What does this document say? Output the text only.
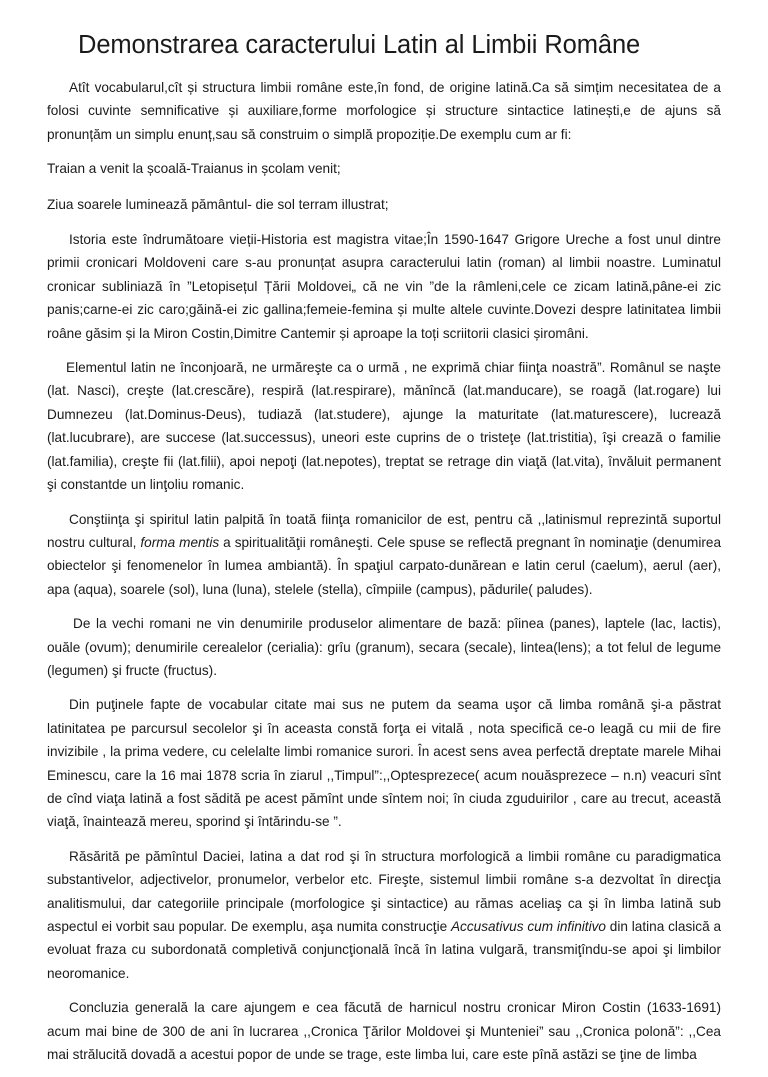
Demonstrarea caracterului Latin al Limbii Române

Atît vocabularul,cît și structura limbii române este,în fond, de origine latină.Ca să simțim necesitatea de a folosi cuvinte semnificative și auxiliare,forme morfologice și structure sintactice latinești,e de ajuns să pronunțăm un simplu enunț,sau să construim o simplă propoziție.De exemplu cum ar fi:

Traian a venit la școală-Traianus in școlam venit;

Ziua soarele luminează pământul- die sol terram illustrat;

Istoria este îndrumătoare vieții-Historia est magistra vitae;În 1590-1647 Grigore Ureche a fost unul dintre primii cronicari Moldoveni care s-au pronunțat asupra caracterului latin (roman) al limbii noastre. Luminatul cronicar subliniază în ”Letopisețul Țării Moldovei„ că ne vin ”de la râmleni,cele ce zicam latină,pâne-ei zic panis;carne-ei zic caro;găină-ei zic gallina;femeie-femina și multe altele cuvinte.Dovezi despre latinitatea limbii roâne găsim și la Miron Costin,Dimitre Cantemir și aproape la toți scriitorii clasici șiromâni.

Elementul latin ne înconjoară, ne urmăreşte ca o urmă , ne exprimă chiar fiinţa noastră”. Românul se naşte (lat. Nasci), creşte (lat.crescăre), respiră (lat.respirare), mănîncă (lat.manducare), se roagă (lat.rogare) lui Dumnezeu (lat.Dominus-Deus), tudiază (lat.studere), ajunge la maturitate (lat.maturescere), lucrează (lat.lucubrare), are succese (lat.successus), uneori este cuprins de o tristeţe (lat.tristitia), îşi crează o familie (lat.familia), creşte fii (lat.filii), apoi nepoţi (lat.nepotes), treptat se retrage din viaţă (lat.vita), învăluit permanent şi constantde un linţoliu romanic.

Conştiinţa şi spiritul latin palpită în toată fiinţa romanicilor de est, pentru că ,,latinismul reprezintă suportul nostru cultural, forma mentis a spiritualităţii româneşti. Cele spuse se reflectă pregnant în nominaţie (denumirea obiectelor şi fenomenelor în lumea ambiantă). În spaţiul carpato-dunărean e latin cerul (caelum), aerul (aer), apa (aqua), soarele (sol), luna (luna), stelele (stella), cîmpiile (campus), pădurile( paludes).

De la vechi romani ne vin denumirile produselor alimentare de bază: pîinea (panes), laptele (lac, lactis), ouăle (ovum); denumirile cerealelor (cerialia): grîu (granum), secara (secale), lintea(lens); a tot felul de legume (legumen) şi fructe (fructus).

Din puţinele fapte de vocabular citate mai sus ne putem da seama uşor că limba română şi-a păstrat latinitatea pe parcursul secolelor şi în aceasta constă forţa ei vitală , nota specifică ce-o leagă cu mii de fire invizibile , la prima vedere, cu celelalte limbi romanice surori. În acest sens avea perfectă dreptate marele Mihai Eminescu, care la 16 mai 1878 scria în ziarul ,,Timpul”:,,Optesprezece( acum nouăsprezece – n.n) veacuri sînt de cînd viaţa latină a fost sădită pe acest pămînt unde sîntem noi; în ciuda zguduirilor , care au trecut, această viaţă, înaintează mereu, sporind şi întărindu-se ”.

Răsărită pe pămîntul Daciei, latina a dat rod şi în structura morfologică a limbii române cu paradigmatica substantivelor, adjectivelor, pronumelor, verbelor etc. Fireşte, sistemul limbii române s-a dezvoltat în direcţia analitismului, dar categoriile principale (morfologice şi sintactice) au rămas aceliaş ca şi în limba latină sub aspectul ei vorbit sau popular. De exemplu, aşa numita construcţie Accusativus cum infinitivo din latina clasică a evoluat fraza cu subordonată completivă conjuncţională încă în latina vulgară, transmiţîndu-se apoi şi limbilor neoromanice.

Concluzia generală la care ajungem e cea făcută de harnicul nostru cronicar Miron Costin (1633-1691) acum mai bine de 300 de ani în lucrarea ,,Cronica Ţărilor Moldovei şi Munteniei” sau ,,Cronica polonă”: ,,Cea mai strălucită dovadă a acestui popor de unde se trage, este limba lui, care este pînă astăzi se ţine de limba
